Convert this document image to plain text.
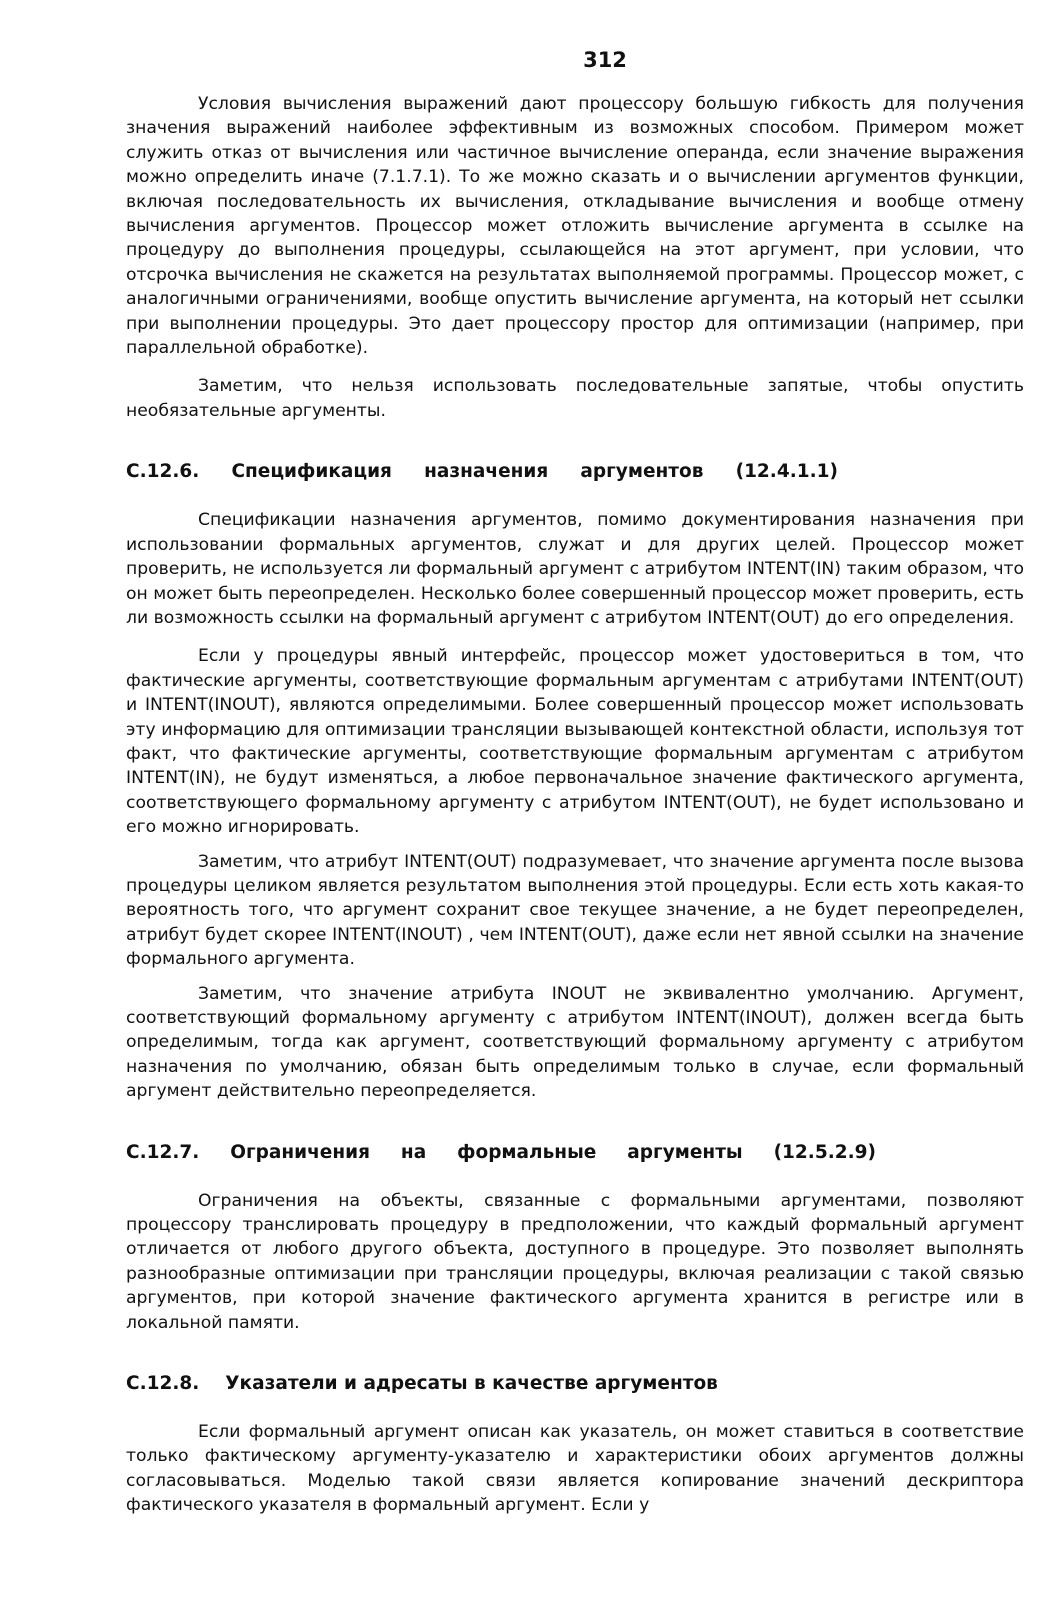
312

Условия вычисления выражений дают процессору большую гибкость для получения значения выражений наиболее эффективным из возможных способом. Примером может служить отказ от вычисления или частичное вычисление операнда, если значение выражения можно определить иначе (7.1.7.1). То же можно сказать и о вычислении аргументов функции, включая последовательность их вычисления, откладывание вычисления и вообще отмену вычисления аргументов. Процессор может отложить вычисление аргумента в ссылке на процедуру до выполнения процедуры, ссылающейся на этот аргумент, при условии, что отсрочка вычисления не скажется на результатах выполняемой программы. Процессор может, с аналогичными ограничениями, вообще опустить вычисление аргумента, на который нет ссылки при выполнении процедуры. Это дает процессору простор для оптимизации (например, при параллельной обработке).

Заметим, что нельзя использовать последовательные запятые, чтобы опустить необязательные аргументы.

C.12.6. Спецификация назначения аргументов (12.4.1.1)

Спецификации назначения аргументов, помимо документирования назначения при использовании формальных аргументов, служат и для других целей. Процессор может проверить, не используется ли формальный аргумент с атрибутом INTENT(IN) таким образом, что он может быть переопределен. Несколько более совершенный процессор может проверить, есть ли возможность ссылки на формальный аргумент с атрибутом INTENT(OUT) до его определения.

Если у процедуры явный интерфейс, процессор может удостовериться в том, что фактические аргументы, соответствующие формальным аргументам с атрибутами INTENT(OUT) и INTENT(INOUT), являются определимыми. Более совершенный процессор может использовать эту информацию для оптимизации трансляции вызывающей контекстной области, используя тот факт, что фактические аргументы, соответствующие формальным аргументам с атрибутом INTENT(IN), не будут изменяться, а любое первоначальное значение фактического аргумента, соответствующего формальному аргументу с атрибутом INTENT(OUT), не будет использовано и его можно игнорировать.

Заметим, что атрибут INTENT(OUT) подразумевает, что значение аргумента после вызова процедуры целиком является результатом выполнения этой процедуры. Если есть хоть какая-то вероятность того, что аргумент сохранит свое текущее значение, а не будет переопределен, атрибут будет скорее INTENT(INOUT) , чем INTENT(OUT), даже если нет явной ссылки на значение формального аргумента.

Заметим, что значение атрибута INOUT не эквивалентно умолчанию. Аргумент, соответствующий формальному аргументу с атрибутом INTENT(INOUT), должен всегда быть определимым, тогда как аргумент, соответствующий формальному аргументу с атрибутом назначения по умолчанию, обязан быть определимым только в случае, если формальный аргумент действительно переопределяется.

C.12.7. Ограничения на формальные аргументы (12.5.2.9)

Ограничения на объекты, связанные с формальными аргументами, позволяют процессору транслировать процедуру в предположении, что каждый формальный аргумент отличается от любого другого объекта, доступного в процедуре. Это позволяет выполнять разнообразные оптимизации при трансляции процедуры, включая реализации с такой связью аргументов, при которой значение фактического аргумента хранится в регистре или в локальной памяти.

C.12.8. Указатели и адресаты в качестве аргументов

Если формальный аргумент описан как указатель, он может ставиться в соответствие только фактическому аргументу-указателю и характеристики обоих аргументов должны согласовываться. Моделью такой связи является копирование значений дескриптора фактического указателя в формальный аргумент. Если у
